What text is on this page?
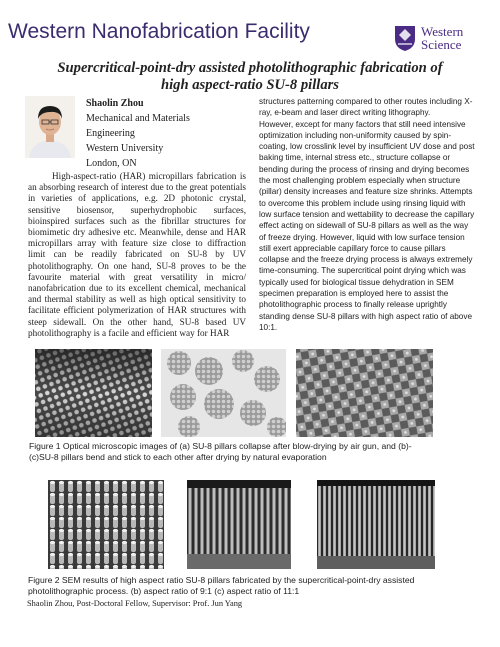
Western Nanofabrication Facility	Western
Science
Supercritical-point-dry assisted photolithographic fabrication of
high aspect-ratio SU-8 pillars
Shaolin Zhou
Mechanical and Materials
Engineering
Western University
London, ON
High-aspect-ratio (HAR) micropillars fabrication is an absorbing research of interest due to the great potentials in varieties of applications, e.g. 2D photonic crystal, sensitive biosensor, superhydrophobic surfaces, bioinspired surfaces such as the fibrillar structures for biomimetic dry adhesive etc. Meanwhile, dense and HAR micropillars array with feature size close to diffraction limit can be readily fabricated on SU-8 by UV photolithography. On one hand, SU-8 proves to be the favourite material with great versatility in micro/ nanofabrication due to its excellent chemical, mechanical and thermal stability as well as high optical sensitivity to facilitate efficient polymerization of HAR structures with steep sidewall. On the other hand, SU-8 based UV photolithography is a facile and efficient way for HAR
structures patterning compared to other routes including X-ray, e-beam and laser direct writing lithography.
However, except for many factors that still need intensive optimization including non-uniformity caused by spin-coating, low crosslink level by insufficient UV dose and post baking time, internal stress etc., structure collapse or bending during the process of rinsing and drying becomes the most challenging problem especially when structure (pillar) density increases and feature size shrinks. Attempts to overcome this problem include using rinsing liquid with low surface tension and wettability to decrease the capillary effect acting on sidewall of SU-8 pillars as well as the way of freeze drying. However, liquid with low surface tension still exert appreciable capillary force to cause pillars collapse and the freeze drying process is always extremely time-consuming. The supercritical point drying which was typically used for biological tissue dehydration in SEM specimen preparation is employed here to assist the photolithographic process to finally release uprightly standing dense SU-8 pillars with high aspect ratio of above 10:1.
Figure 1 Optical microscopic images of (a) SU-8 pillars collapse after blow-drying by air gun, and (b)-
(c)SU-8 pillars bend and stick to each other after drying by natural evaporation
Figure 2 SEM results of high aspect ratio SU-8 pillars fabricated by the supercritical-point-dry assisted
photolithographic process. (b) aspect ratio of 9:1 (c) aspect ratio of 11:1
Shaolin Zhou, Post-Doctoral Fellow, Supervisor: Prof. Jun Yang
